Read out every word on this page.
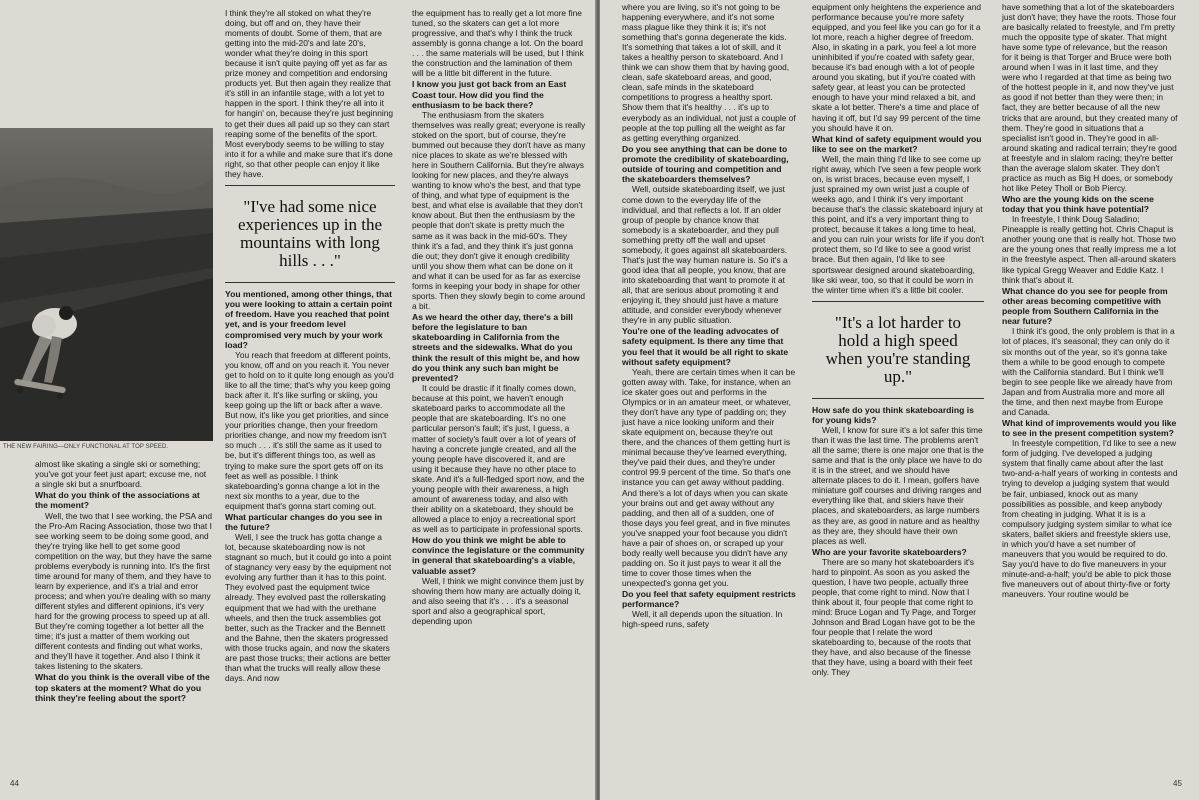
THE NEW FAIRING—ONLY FUNCTIONAL AT TOP SPEED.

almost like skating a single ski or something; you've got your feet just apart; excuse me, not a single ski but a snurfboard.

What do you think of the associations at the moment?

Well, the two that I see working, the PSA and the Pro-Am Racing Association, those two that I see working seem to be doing some good, and they're trying like hell to get some good competition on the way, but they have the same problems everybody is running into. It's the first time around for many of them, and they have to learn by experience, and it's a trial and error process; and when you're dealing with so many different styles and different opinions, it's very hard for the growing process to speed up at all. But they're coming together a lot better all the time; it's just a matter of them working out different contests and finding out what works, and they'll have it together. And also I think it takes listening to the skaters.

What do you think is the overall vibe of the top skaters at the moment? What do you think they're feeling about the sport?

I think they're all stoked on what they're doing, but off and on, they have their moments of doubt. Some of them, that are getting into the mid-20's and late 20's, wonder what they're doing in this sport because it isn't quite paying off yet as far as prize money and competition and endorsing products yet. But then again they realize that it's still in an infantile stage, with a lot yet to happen in the sport. I think they're all into it for hangin' on, because they're just beginning to get their dues all paid up so they can start reaping some of the benefits of the sport. Most everybody seems to be willing to stay into it for a while and make sure that it's done right, so that other people can enjoy it like they have.

"I've had some nice experiences up in the mountains with long hills . . ."

You mentioned, among other things, that you were looking to attain a certain point of freedom. Have you reached that point yet, and is your freedom level compromised very much by your work load?

You reach that freedom at different points, you know, off and on you reach it. You never get to hold on to it quite long enough as you'd like to all the time; that's why you keep going back after it. It's like surfing or skiing, you keep going up the lift or back after a wave. But now, it's like you get priorities, and since your priorities change, then your freedom priorities change, and now my freedom isn't so much . . . it's still the same as it used to be, but it's different things too, as well as trying to make sure the sport gets off on its feet as well as possible. I think skateboarding's gonna change a lot in the next six months to a year, due to the equipment that's gonna start coming out.

What particular changes do you see in the future?

Well, I see the truck has gotta change a lot, because skateboarding now is not stagnant so much, but it could go into a point of stagnancy very easy by the equipment not evolving any further than it has to this point. They evolved past the equipment twice already. They evolved past the rollerskating equipment that we had with the urethane wheels, and then the truck assemblies got better, such as the Tracker and the Bennett and the Bahne, then the skaters progressed with those trucks again, and now the skaters are past those trucks; their actions are better than what the trucks will really allow these days. And now

the equipment has to really get a lot more fine tuned, so the skaters can get a lot more progressive, and that's why I think the truck assembly is gonna change a lot. On the board . . . the same materials will be used, but I think the construction and the lamination of them will be a little bit different in the future.

I know you just got back from an East Coast tour. How did you find the enthusiasm to be back there?

The enthusiasm from the skaters themselves was really great; everyone is really stoked on the sport, but of course, they're bummed out because they don't have as many nice places to skate as we're blessed with here in Southern California. But they're always looking for new places, and they're always wanting to know who's the best, and that type of thing, and what type of equipment is the best, and what else is available that they don't know about. But then the enthusiasm by the people that don't skate is pretty much the same as it was back in the mid-60's. They think it's a fad, and they think it's just gonna die out; they don't give it enough credibility until you show them what can be done on it and what it can be used for as far as exercise forms in keeping your body in shape for other sports. Then they slowly begin to come around a bit.

As we heard the other day, there's a bill before the legislature to ban skateboarding in California from the streets and the sidewalks. What do you think the result of this might be, and how do you think any such ban might be prevented?

It could be drastic if it finally comes down, because at this point, we haven't enough skateboard parks to accommodate all the people that are skateboarding. It's no one particular person's fault; it's just, I guess, a matter of society's fault over a lot of years of having a concrete jungle created, and all the young people have discovered it, and are using it because they have no other place to skate. And it's a full-fledged sport now, and the young people with their awareness, a high amount of awareness today, and also with their ability on a skateboard, they should be allowed a place to enjoy a recreational sport as well as to participate in professional sports.

How do you think we might be able to convince the legislature or the community in general that skateboarding's a viable, valuable asset?

Well, I think we might convince them just by showing them how many are actually doing it, and also seeing that it's . . . it's a seasonal sport and also a geographical sport, depending upon

44

where you are living, so it's not going to be happening everywhere, and it's not some mass plague like they think it is; it's not something that's gonna degenerate the kids. It's something that takes a lot of skill, and it takes a healthy person to skateboard. And I think we can show them that by having good, clean, safe skateboard areas, and good, clean, safe minds in the skateboard competitions to progress a healthy sport. Show them that it's healthy . . . it's up to everybody as an individual, not just a couple of people at the top pulling all the weight as far as getting everything organized.

Do you see anything that can be done to promote the credibility of skateboarding, outside of touring and competition and the skateboarders themselves?

Well, outside skateboarding itself, we just come down to the everyday life of the individual, and that reflects a lot. If an older group of people by chance know that somebody is a skateboarder, and they pull something pretty off the wall and upset somebody, it goes against all skateboarders. That's just the way human nature is. So it's a good idea that all people, you know, that are into skateboarding that want to promote it at all, that are serious about promoting it and enjoying it, they should just have a mature attitude, and consider everybody whenever they're in any public situation.

You're one of the leading advocates of safety equipment. Is there any time that you feel that it would be all right to skate without safety equipment?

Yeah, there are certain times when it can be gotten away with. Take, for instance, when an ice skater goes out and performs in the Olympics or in an amateur meet, or whatever, they don't have any type of padding on; they just have a nice looking uniform and their skate equipment on, because they're out there, and the chances of them getting hurt is minimal because they've learned everything, they've paid their dues, and they're under control 99.9 percent of the time. So that's one instance you can get away without padding. And there's a lot of days when you can skate your brains out and get away without any padding, and then all of a sudden, one of those days you feel great, and in five minutes you've snapped your foot because you didn't have a pair of shoes on, or scraped up your body really well because you didn't have any padding on. So it just pays to wear it all the time to cover those times when the unexpected's gonna get you.

Do you feel that safety equipment restricts performance?

Well, it all depends upon the situation. In high-speed runs, safety

equipment only heightens the experience and performance because you're more safety equipped, and you feel like you can go for it a lot more, reach a higher degree of freedom. Also, in skating in a park, you feel a lot more uninhibited if you're coated with safety gear, because it's bad enough with a lot of people around you skating, but if you're coated with safety gear, at least you can be protected enough to have your mind relaxed a bit, and skate a lot better. There's a time and place of having it off, but I'd say 99 percent of the time you should have it on.

What kind of safety equipment would you like to see on the market?

Well, the main thing I'd like to see come up right away, which I've seen a few people work on, is wrist braces, because even myself, I just sprained my own wrist just a couple of weeks ago, and I think it's very important because that's the classic skateboard injury at this point, and it's a very important thing to protect, because it takes a long time to heal, and you can ruin your wrists for life if you don't protect them, so I'd like to see a good wrist brace. But then again, I'd like to see sportswear designed around skateboarding, like ski wear, too, so that it could be worn in the winter time when it's a little bit cooler.

"It's a lot harder to hold a high speed when you're standing up."

How safe do you think skateboarding is for young kids?

Well, I know for sure it's a lot safer this time than it was the last time. The problems aren't all the same; there is one major one that is the same and that is the only place we have to do it is in the street, and we should have alternate places to do it. I mean, golfers have miniature golf courses and driving ranges and everything like that, and skiers have their places, and skateboarders, as large numbers as they are, as good in nature and as healthy as they are, they should have their own places as well.

Who are your favorite skateboarders?

There are so many hot skateboarders it's hard to pinpoint. As soon as you asked the question, I have two people, actually three people, that come right to mind. Now that I think about it, four people that come right to mind: Bruce Logan and Ty Page, and Torger Johnson and Brad Logan have got to be the four people that I relate the word skateboarding to, because of the roots that they have, and also because of the finesse that they have, using a board with their feet only. They

have something that a lot of the skateboarders just don't have; they have the roots. Those four are basically related to freestyle, and I'm pretty much the opposite type of skater. That might have some type of relevance, but the reason for it being is that Torger and Bruce were both around when I was in it last time, and they were who I regarded at that time as being two of the hottest people in it, and now they've just as good if not better than they were then; in fact, they are better because of all the new tricks that are around, but they created many of them. They're good in situations that a specialist isn't good in. They're good in all-around skating and radical terrain; they're good at freestyle and in slalom racing; they're better than the average slalom skater. They don't practice as much as Big H does, or somebody hot like Petey Tholl or Bob Piercy.

Who are the young kids on the scene today that you think have potential?

In freestyle, I think Doug Saladino; Pineapple is really getting hot. Chris Chaput is another young one that is really hot. Those two are the young ones that really impress me a lot in the freestyle aspect. Then all-around skaters like typical Gregg Weaver and Eddie Katz. I think that's about it.

What chance do you see for people from other areas becoming competitive with people from Southern California in the near future?

I think it's good, the only problem is that in a lot of places, it's seasonal; they can only do it six months out of the year, so it's gonna take them a while to be good enough to compete with the California standard. But I think we'll begin to see people like we already have from Japan and from Australia more and more all the time, and then next maybe from Europe and Canada.

What kind of improvements would you like to see in the present competition system?

In freestyle competition, I'd like to see a new form of judging. I've developed a judging system that finally came about after the last two-and-a-half years of working in contests and trying to develop a judging system that would be fair, unbiased, knock out as many possibilities as possible, and keep anybody from cheating in judging. What it is is a compulsory judging system similar to what ice skaters, ballet skiers and freestyle skiers use, in which you'd have a set number of maneuvers that you would be required to do. Say you'd have to do five maneuvers in your minute-and-a-half; you'd be able to pick those five maneuvers out of about thirty-five or forty maneuvers. Your routine would be

45
